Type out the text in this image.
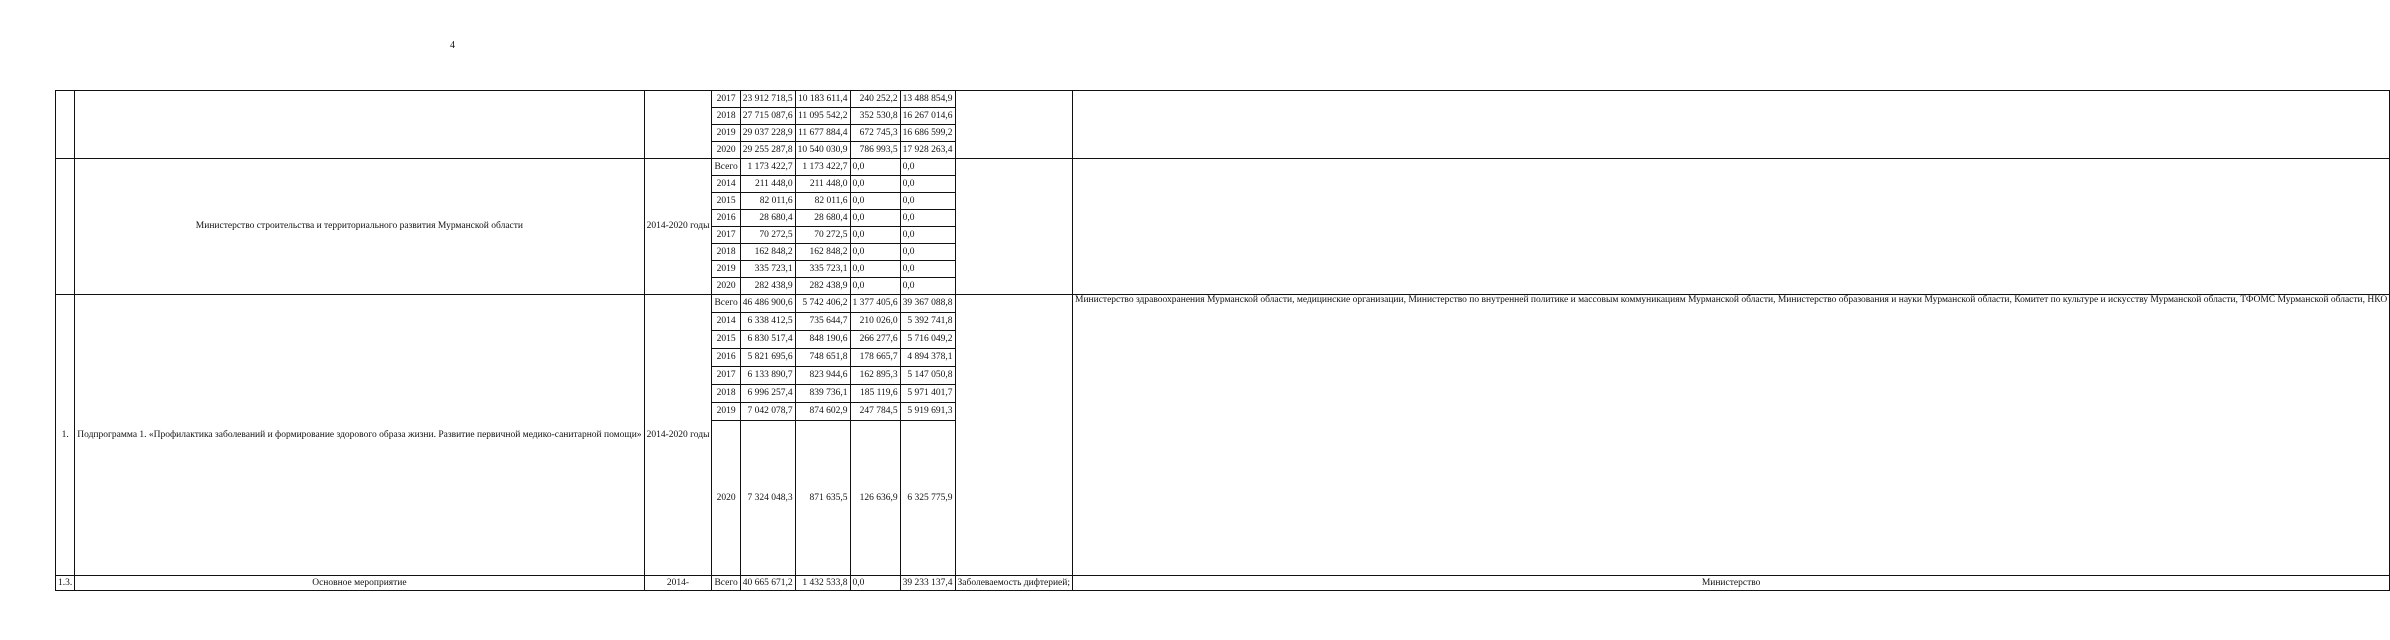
4
			2017	23 912 718,5	10 183 611,4	240 252,2	13 488 854,9		
			2018	27 715 087,6	11 095 542,2	352 530,8	16 267 014,6		
			2019	29 037 228,9	11 677 884,4	672 745,3	16 686 599,2		
			2020	29 255 287,8	10 540 030,9	786 993,5	17 928 263,4		
	Министерство строительства и территориального развития Мурманской области	2014-2020 годы	Всего	1 173 422,7	1 173 422,7	0,0	0,0		
			2014	211 448,0	211 448,0	0,0	0,0		
			2015	82 011,6	82 011,6	0,0	0,0		
			2016	28 680,4	28 680,4	0,0	0,0		
			2017	70 272,5	70 272,5	0,0	0,0		
			2018	162 848,2	162 848,2	0,0	0,0		
			2019	335 723,1	335 723,1	0,0	0,0		
			2020	282 438,9	282 438,9	0,0	0,0		
1.	Подпрограмма 1. «Профилактика заболеваний и формирование здорового образа жизни. Развитие первичной медико-санитарной помощи»	2014-2020 годы	Всего	46 486 900,6	5 742 406,2	1 377 405,6	39 367 088,8		Министерство здравоохранения Мурманской области, медицинские организации, Министерство по внутренней политике и массовым коммуникациям Мурманской области, Министерство образования и науки Мурманской области, Комитет по культуре и искусству Мурманской области, ТФОМС Мурманской области, НКО
			2014	6 338 412,5	735 644,7	210 026,0	5 392 741,8		
			2015	6 830 517,4	848 190,6	266 277,6	5 716 049,2		
			2016	5 821 695,6	748 651,8	178 665,7	4 894 378,1		
			2017	6 133 890,7	823 944,6	162 895,3	5 147 050,8		
			2018	6 996 257,4	839 736,1	185 119,6	5 971 401,7		
			2019	7 042 078,7	874 602,9	247 784,5	5 919 691,3		
			2020	7 324 048,3	871 635,5	126 636,9	6 325 775,9		
1.3.	Основное мероприятие	2014-	Всего	40 665 671,2	1 432 533,8	0,0	39 233 137,4	Заболеваемость дифтерией;	Министерство
